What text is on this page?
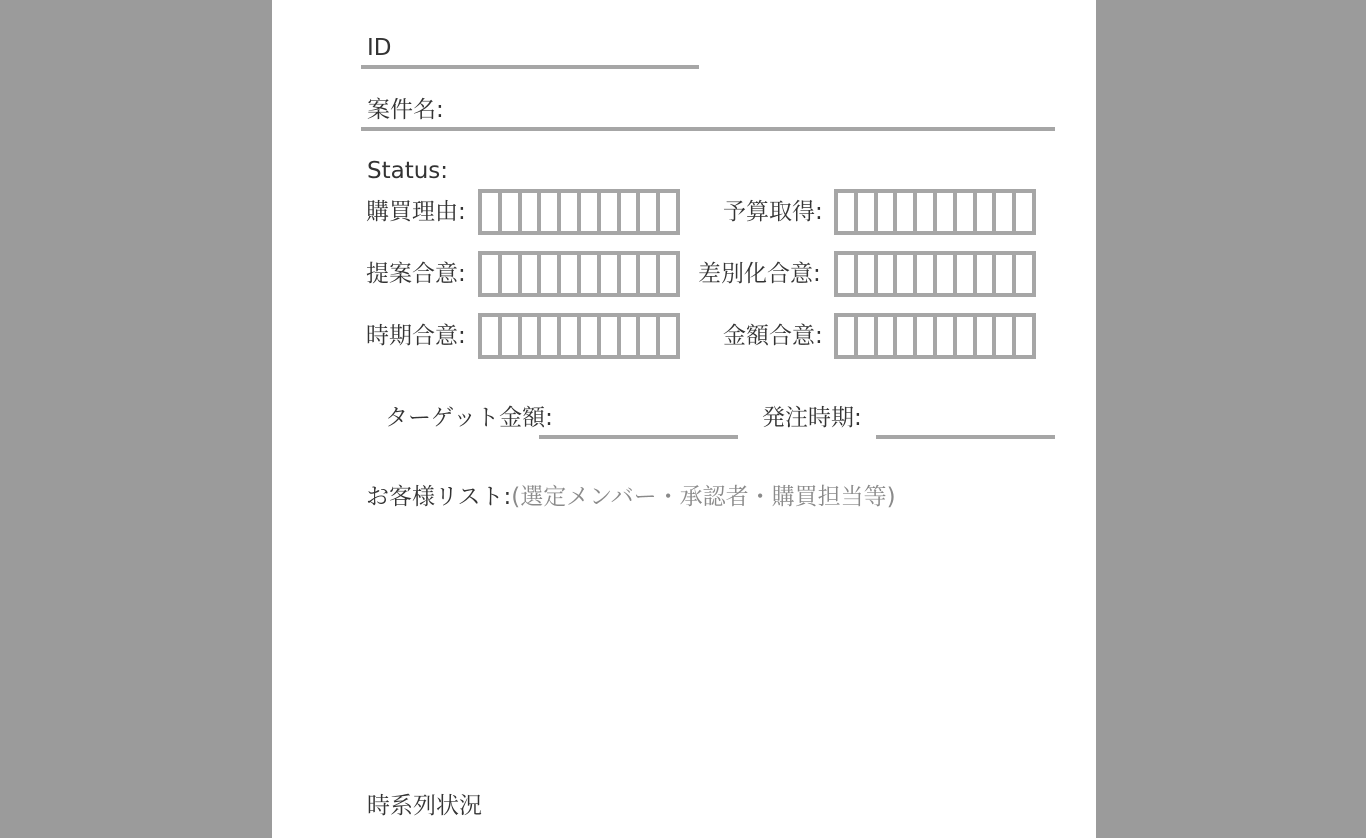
ID
案件名:
Status:
購買理由:	予算取得:
提案合意:	差別化合意:
時期合意:	金額合意:
ターゲット金額:	発注時期:
お客様リスト:(選定メンバー・承認者・購買担当等)
時系列状況
